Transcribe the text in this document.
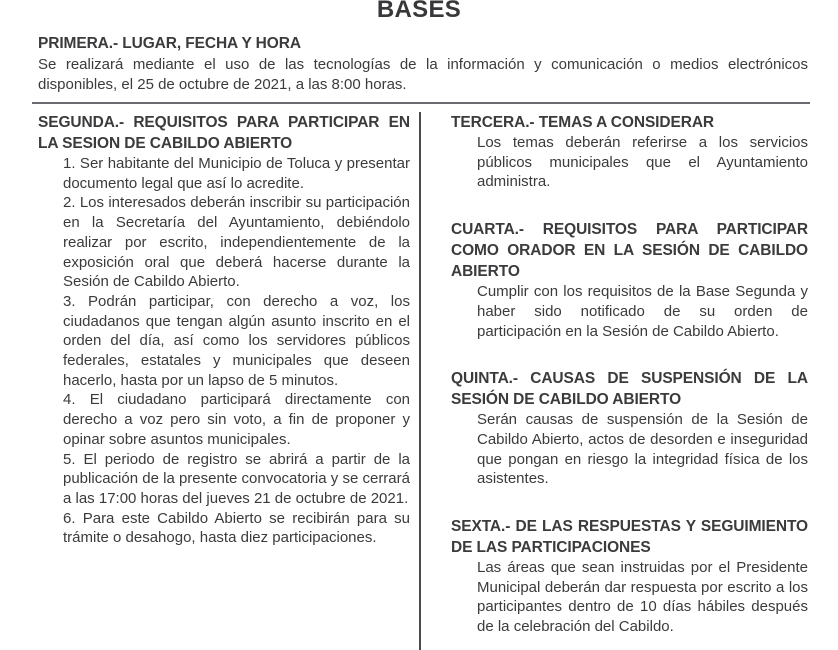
BASES
PRIMERA.- LUGAR, FECHA Y HORA

Se realizará mediante el uso de las tecnologías de la información y comunicación o medios electrónicos disponibles, el 25 de octubre de 2021, a las 8:00 horas.

SEGUNDA.- REQUISITOS PARA PARTICIPAR EN LA SESION DE CABILDO ABIERTO

1. Ser habitante del Municipio de Toluca y presentar documento legal que así lo acredite.

2. Los interesados deberán inscribir su participación en la Secretaría del Ayuntamiento, debiéndolo realizar por escrito, independientemente de la exposición oral que deberá hacerse durante la Sesión de Cabildo Abierto.

3. Podrán participar, con derecho a voz, los ciudadanos que tengan algún asunto inscrito en el orden del día, así como los servidores públicos federales, estatales y municipales que deseen hacerlo, hasta por un lapso de 5 minutos.

4. El ciudadano participará directamente con derecho a voz pero sin voto, a fin de proponer y opinar sobre asuntos municipales.

5. El periodo de registro se abrirá a partir de la publicación de la presente convocatoria y se cerrará a las 17:00 horas del jueves 21 de octubre de 2021.

6. Para este Cabildo Abierto se recibirán para su trámite o desahogo, hasta diez participaciones.

TERCERA.- TEMAS A CONSIDERAR

Los temas deberán referirse a los servicios públicos municipales que el Ayuntamiento administra.

CUARTA.- REQUISITOS PARA PARTICIPAR COMO ORADOR EN LA SESIÓN DE CABILDO ABIERTO

Cumplir con los requisitos de la Base Segunda y haber sido notificado de su orden de participación en la Sesión de Cabildo Abierto.

QUINTA.- CAUSAS DE SUSPENSIÓN DE LA SESIÓN DE CABILDO ABIERTO

Serán causas de suspensión de la Sesión de Cabildo Abierto, actos de desorden e inseguridad que pongan en riesgo la integridad física de los asistentes.

SEXTA.- DE LAS RESPUESTAS Y SEGUIMIENTO DE LAS PARTICIPACIONES

Las áreas que sean instruidas por el Presidente Municipal deberán dar respuesta por escrito a los participantes dentro de 10 días hábiles después de la celebración del Cabildo.
